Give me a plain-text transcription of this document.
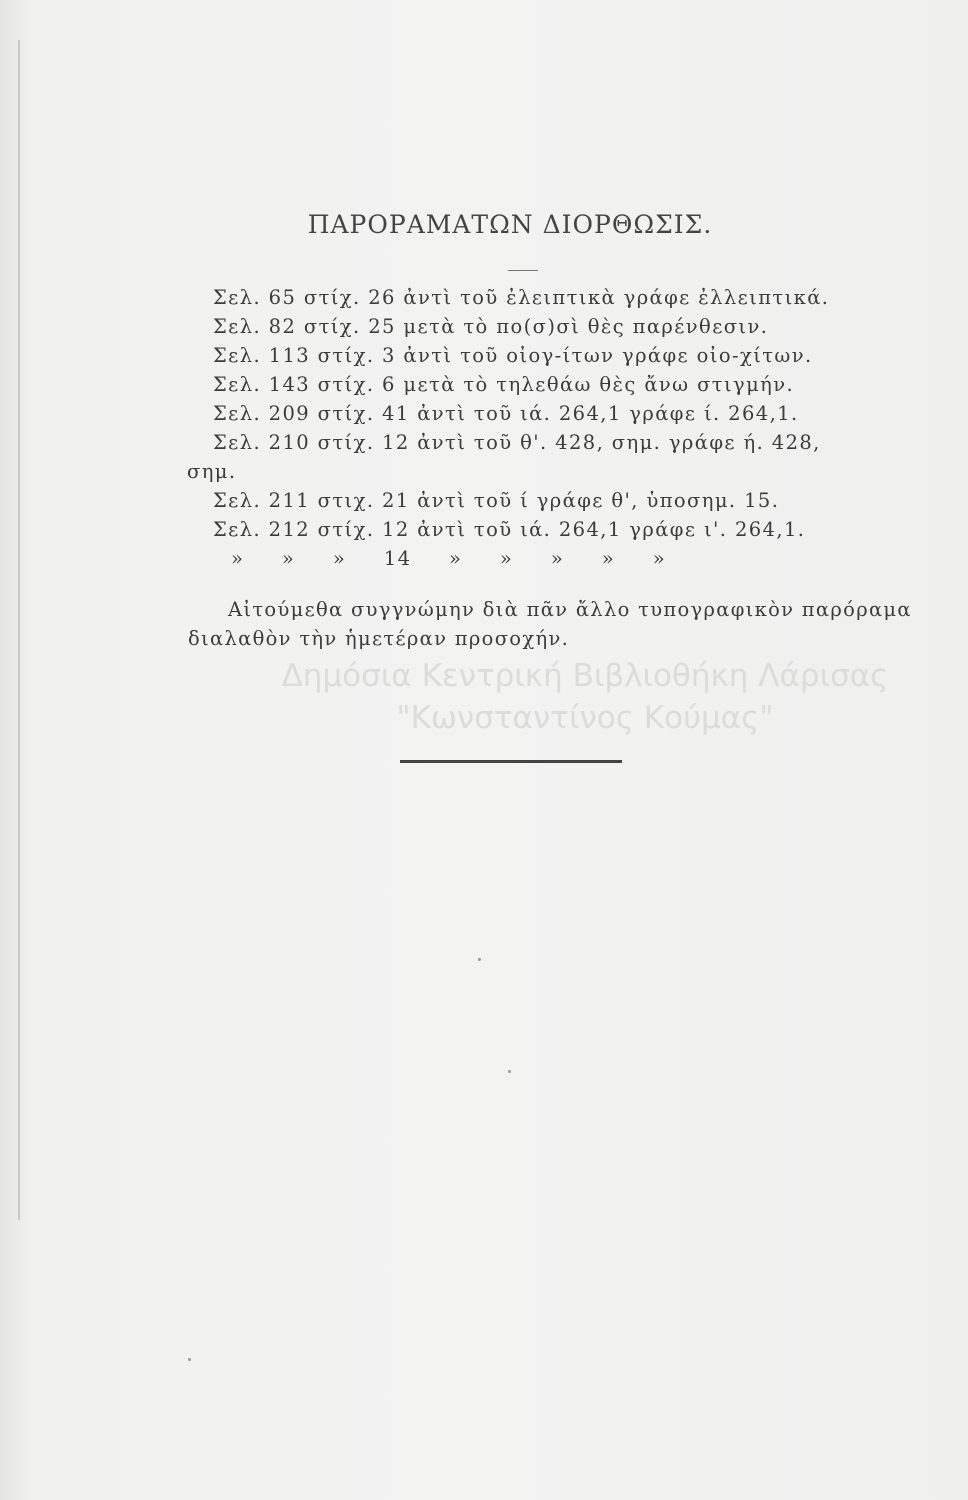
ΠΑΡΟΡΑΜΑΤΩΝ ΔΙΟΡΘΩΣΙΣ.
Σελ. 65 στίχ. 26 ἀντὶ τοῦ ἐλειπτικὰ γράφε ἐλλειπτικά.
Σελ. 82 στίχ. 25 μετὰ τὸ πο(σ)σὶ θὲς παρένθεσιν.
Σελ. 113 στίχ. 3 ἀντὶ τοῦ οἰογ-ίτων γράφε οἰο-χίτων.
Σελ. 143 στίχ. 6 μετὰ τὸ τηλεθάω θὲς ἄνω στιγμήν.
Σελ. 209 στίχ. 41 ἀντὶ τοῦ ιά. 264,1 γράφε ί. 264,1.
Σελ. 210 στίχ. 12 ἀντὶ τοῦ θ'. 428, σημ. γράφε ή. 428,
σημ.
Σελ. 211 στιχ. 21 ἀντὶ τοῦ ί γράφε θ', ὑποσημ. 15.
Σελ. 212 στίχ. 12 ἀντὶ τοῦ ιά. 264,1 γράφε ι'. 264,1.
» » » 14 » » » » »
Αἰτούμεθα συγγνώμην διὰ πᾶν ἄλλο τυπογραφικὸν παρόραμα
διαλαθὸν τὴν ἡμετέραν προσοχήν.
Δημόσια Κεντρική Βιβλιοθήκη Λάρισας
"Κωνσταντίνος Κούμας"
